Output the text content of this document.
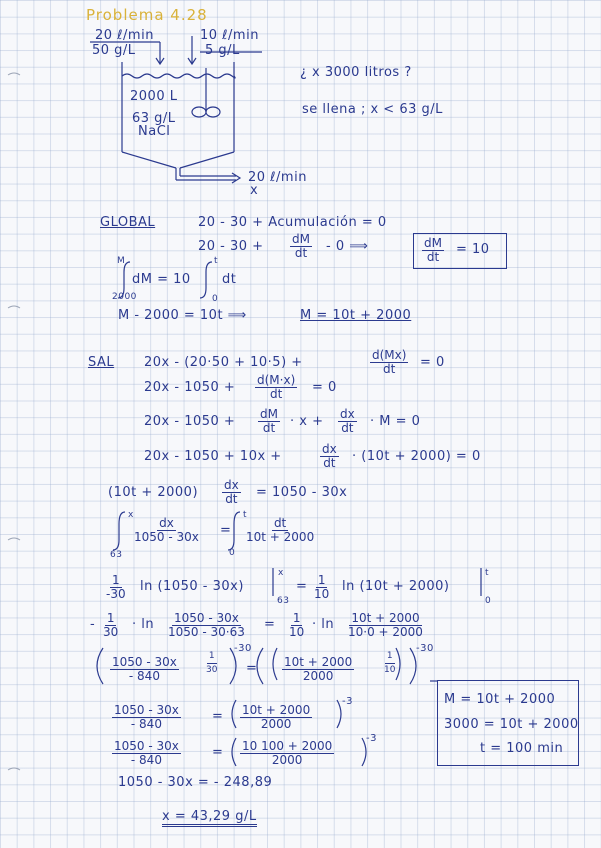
Problema 4.28
20 ℓ/min
50 g/L
10 ℓ/min
5 g/L
2000 L
63 g/L
NaCl
20 ℓ/min
x
¿ x 3000 litros ?
se llena ; x < 63 g/L
GLOBAL	20 - 30 + Acumulación = 0
$20 - 30 + \frac{dM}{dt} - 0$ ⟹	$\frac{dM}{dt} = 10$
M
2000
dM = 10
t
0
dt
M - 2000 = 10t ⟹	M = 10t + 2000
SAL 20x - (20·50 + 10·5) +	$\frac{d(Mx)}{dt} = 0$
$20x - 1050 + \frac{d(M\cdot x)}{dt} = 0$
$20x - 1050 + \frac{dM}{dt} \cdot x + \frac{dx}{dt} \cdot M = 0$
20x - 1050 + 10x +	$\frac{dx}{dt} \cdot (10t + 2000) = 0$
$(10t + 2000) \frac{dx}{dt} = 1050 - 30x$
x
63
$\frac{dx}{1050 - 30x}$ =
t
0
$\frac{dt}{10t + 2000}$
$\frac{1}{-30}$ ln (1050 - 30x)
x
63
= $\frac{1}{10}$ ln (10t + 2000)
t
0
- $\frac{1}{30} \cdot \ln \frac{1050 - 30x}{1050 - 30\cdot 63} = \frac{1}{10} \cdot \ln \frac{10t + 2000}{10\cdot 0 + 2000}$
$\frac{1050 - 30x}{- 840}$	$\frac{1}{30}$
-30
= $\frac{10t + 2000}{2000}$	$\frac{1}{10}$
-30
$\frac{1050 - 30x}{- 840} = \frac{10t + 2000}{2000}$
-3
$\frac{1050 - 30x}{- 840} = \frac{10 100 + 2000}{2000}$
-3
1050 - 30x = - 248,89
x = 43,29 g/L
M = 10t + 2000
3000 = 10t + 2000
t = 100 min
